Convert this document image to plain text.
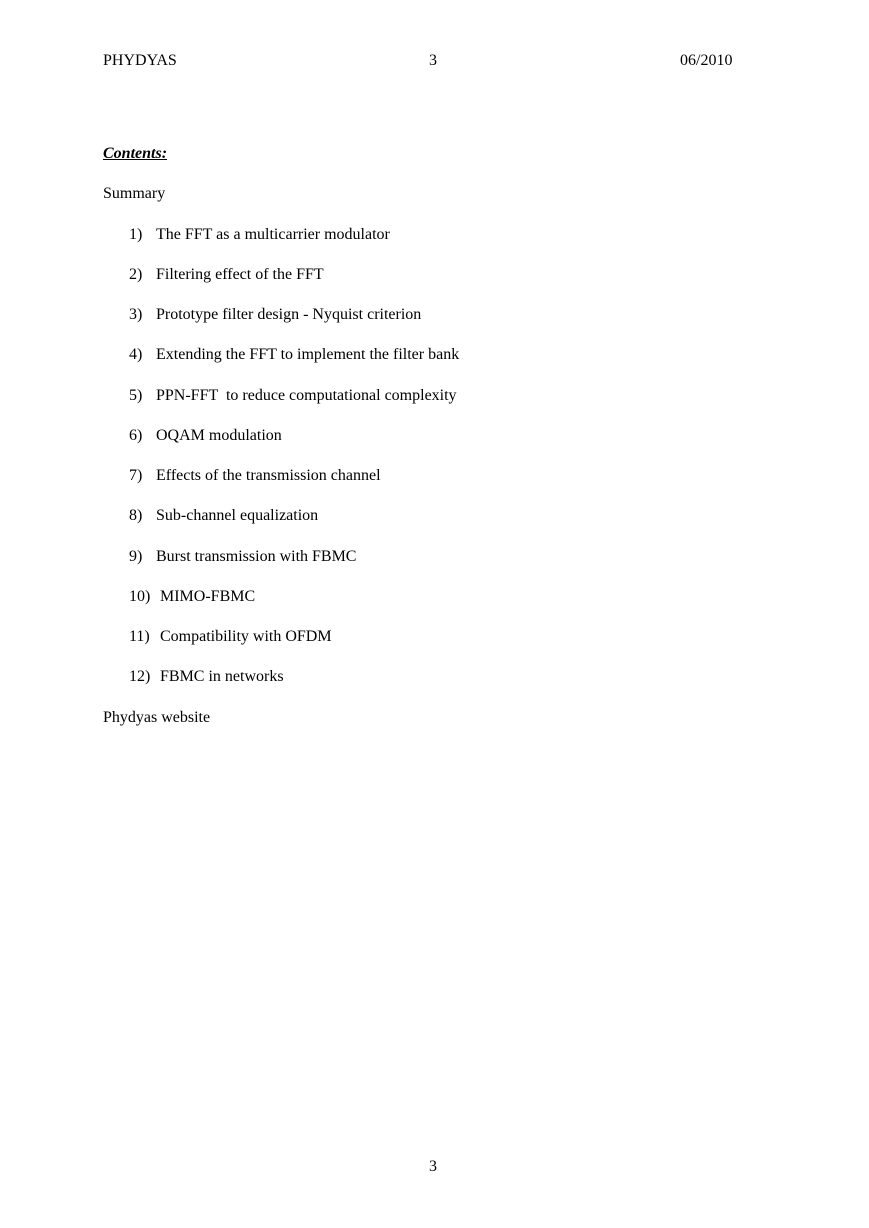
PHYDYAS	3	06/2010
Contents:
Summary
1) The FFT as a multicarrier modulator
2) Filtering effect of the FFT
3) Prototype filter design - Nyquist criterion
4) Extending the FFT to implement the filter bank
5) PPN-FFT  to reduce computational complexity
6) OQAM modulation
7) Effects of the transmission channel
8) Sub-channel equalization
9) Burst transmission with FBMC
10) MIMO-FBMC
11) Compatibility with OFDM
12) FBMC in networks
Phydyas website
3
